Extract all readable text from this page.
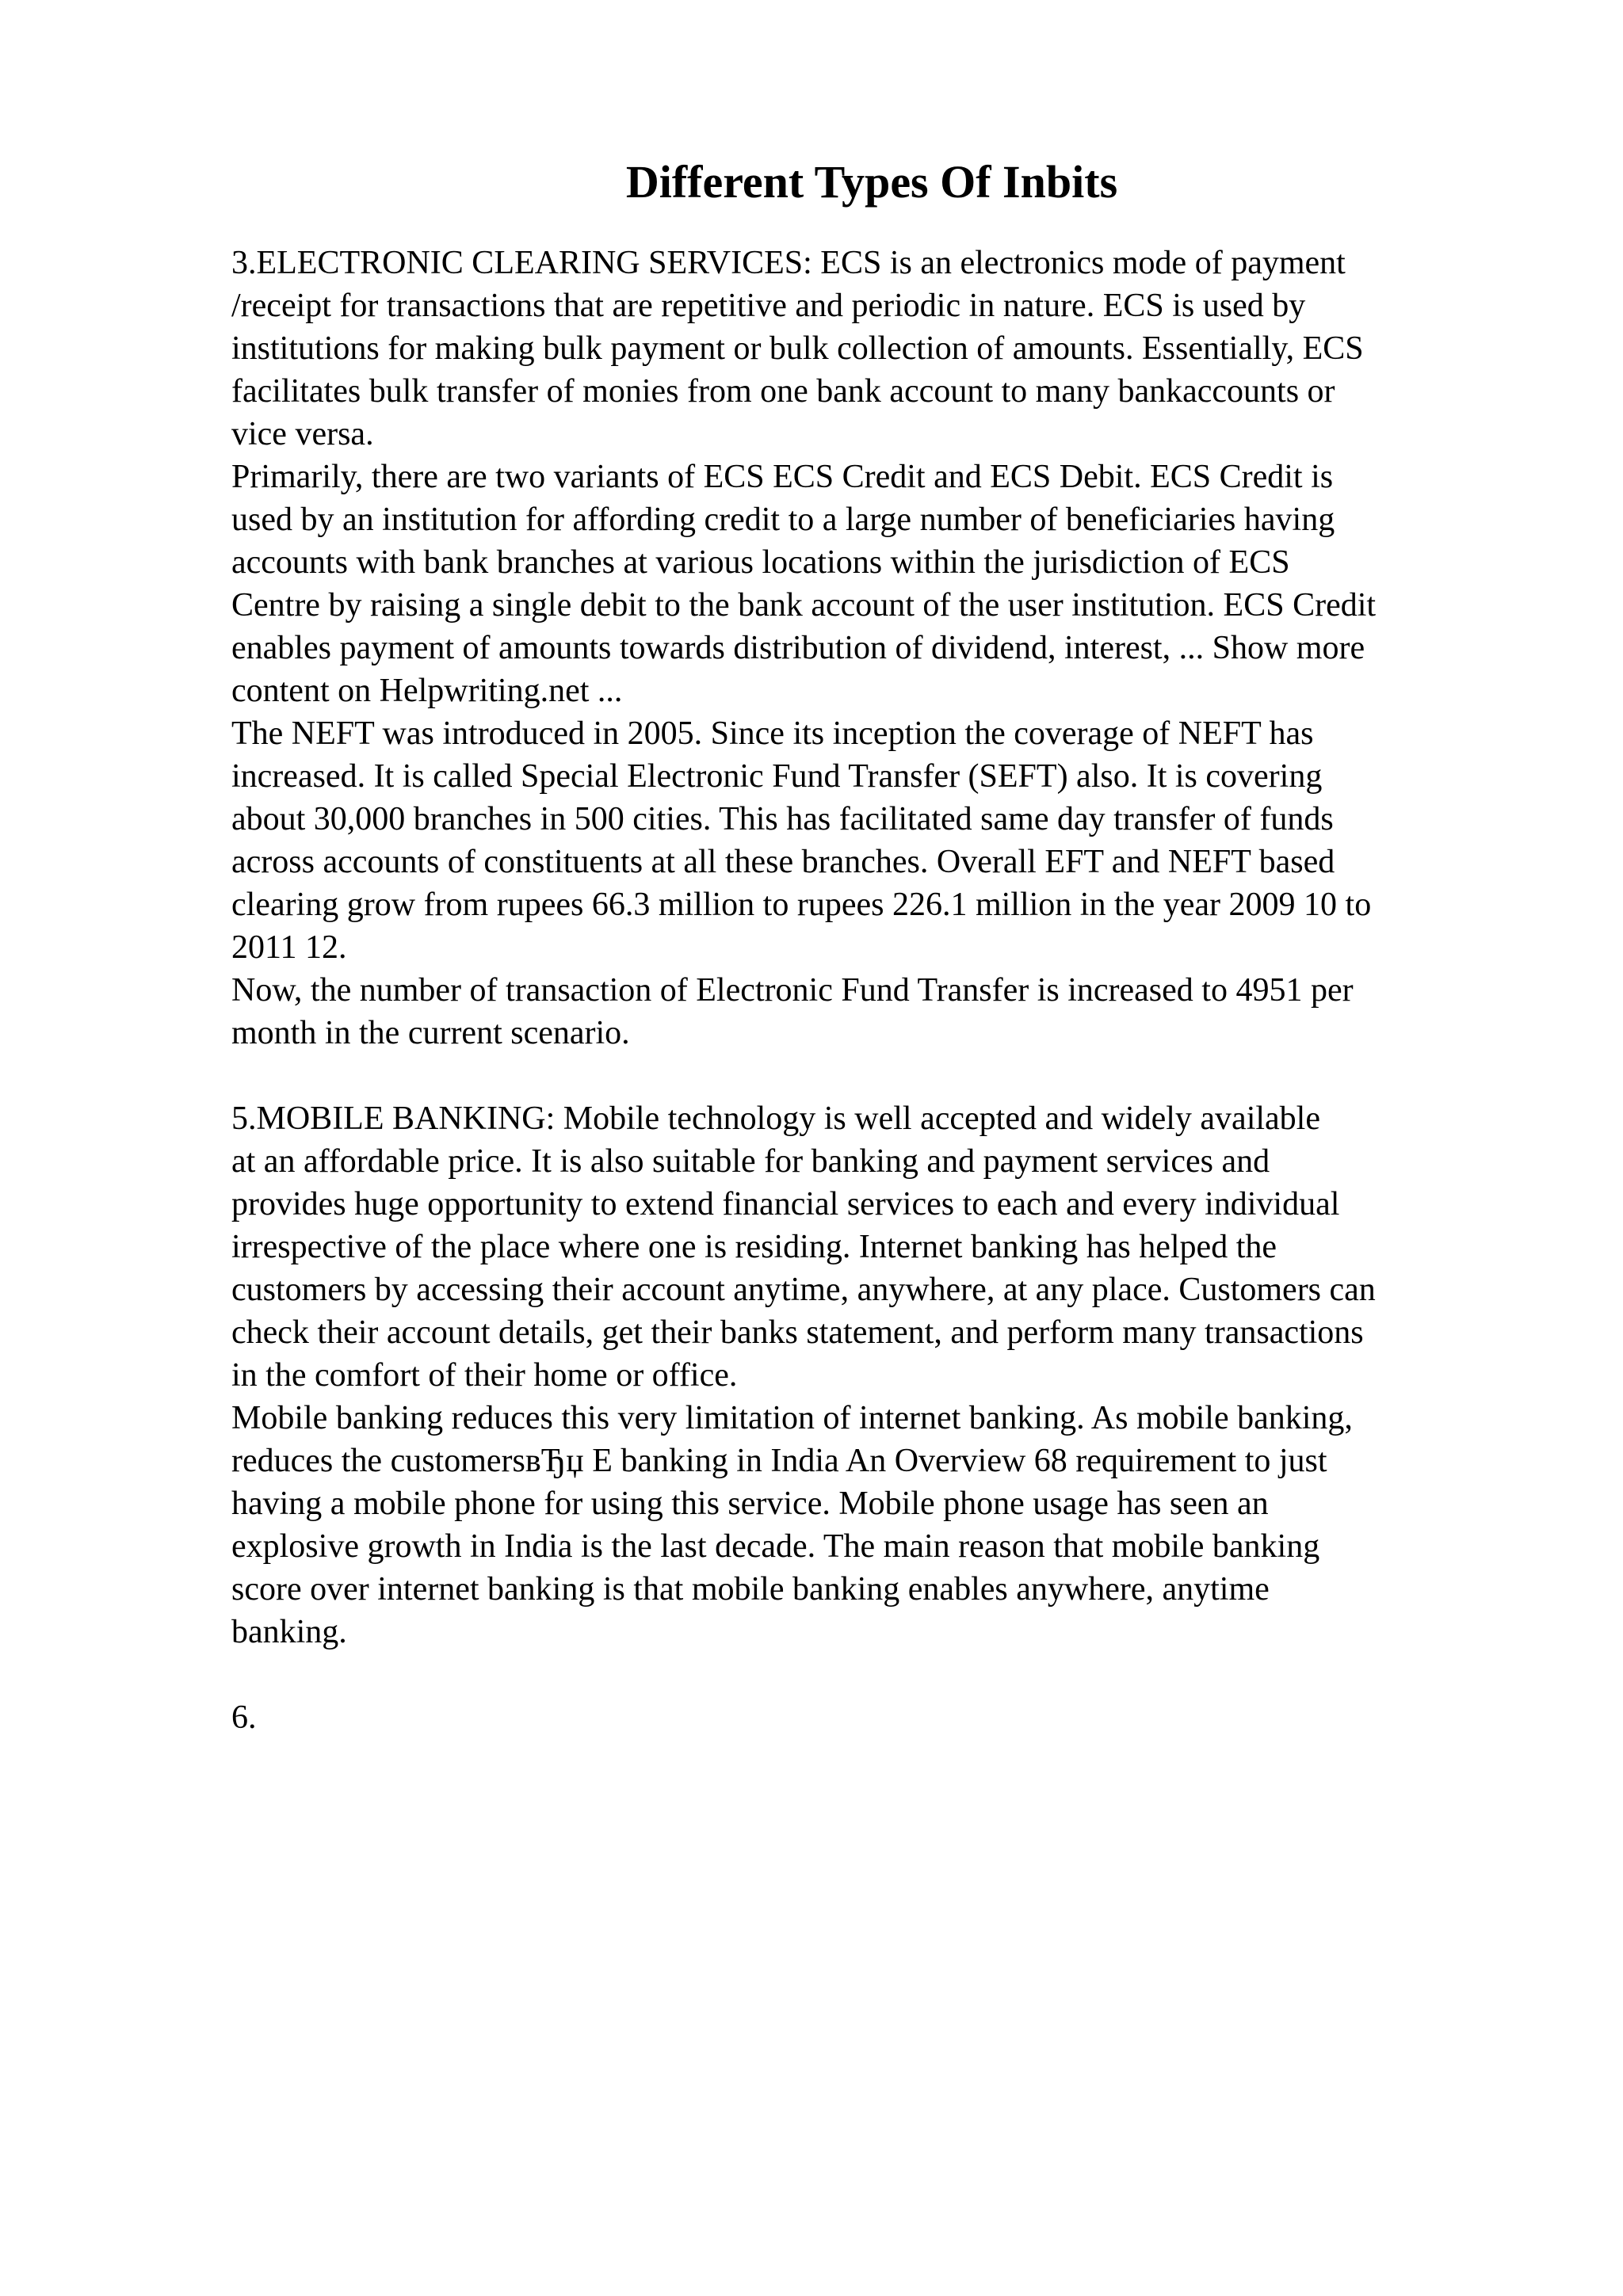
Different Types Of Inbits
3.ELECTRONIC CLEARING SERVICES: ECS is an electronics mode of payment
/receipt for transactions that are repetitive and periodic in nature. ECS is used by
institutions for making bulk payment or bulk collection of amounts. Essentially, ECS
facilitates bulk transfer of monies from one bank account to many bankaccounts or
vice versa.
Primarily, there are two variants of ECS ECS Credit and ECS Debit. ECS Credit is
used by an institution for affording credit to a large number of beneficiaries having
accounts with bank branches at various locations within the jurisdiction of ECS
Centre by raising a single debit to the bank account of the user institution. ECS Credit
enables payment of amounts towards distribution of dividend, interest, ... Show more
content on Helpwriting.net ...
The NEFT was introduced in 2005. Since its inception the coverage of NEFT has
increased. It is called Special Electronic Fund Transfer (SEFT) also. It is covering
about 30,000 branches in 500 cities. This has facilitated same day transfer of funds
across accounts of constituents at all these branches. Overall EFT and NEFT based
clearing grow from rupees 66.3 million to rupees 226.1 million in the year 2009 10 to
2011 12.
Now, the number of transaction of Electronic Fund Transfer is increased to 4951 per
month in the current scenario.
5.MOBILE BANKING: Mobile technology is well accepted and widely available
at an affordable price. It is also suitable for banking and payment services and
provides huge opportunity to extend financial services to each and every individual
irrespective of the place where one is residing. Internet banking has helped the
customers by accessing their account anytime, anywhere, at any place. Customers can
check their account details, get their banks statement, and perform many transactions
in the comfort of their home or office.
Mobile banking reduces this very limitation of internet banking. As mobile banking,
reduces the customersвЂџ E banking in India An Overview 68 requirement to just
having a mobile phone for using this service. Mobile phone usage has seen an
explosive growth in India is the last decade. The main reason that mobile banking
score over internet banking is that mobile banking enables anywhere, anytime
banking.
6.
